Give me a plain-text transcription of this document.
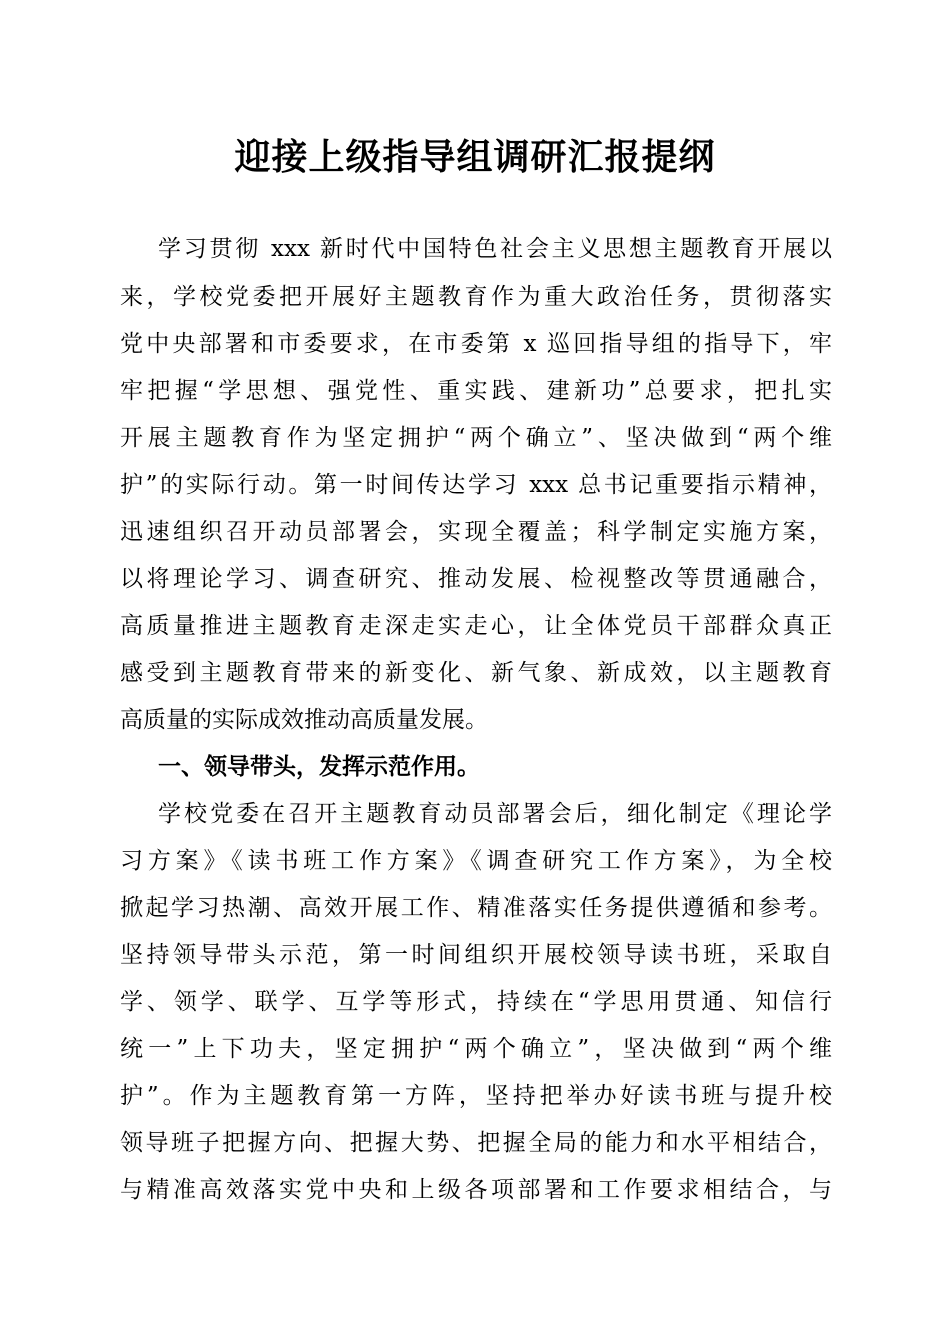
迎接上级指导组调研汇报提纲

学习贯彻 xxx 新时代中国特色社会主义思想主题教育开展以

来，学校党委把开展好主题教育作为重大政治任务，贯彻落实

党中央部署和市委要求，在市委第 x 巡回指导组的指导下，牢

牢把握“学思想、强党性、重实践、建新功”总要求，把扎实

开展主题教育作为坚定拥护“两个确立”、坚决做到“两个维

护”的实际行动。第一时间传达学习 xxx 总书记重要指示精神，

迅速组织召开动员部署会，实现全覆盖；科学制定实施方案，

以将理论学习、调查研究、推动发展、检视整改等贯通融合，

高质量推进主题教育走深走实走心，让全体党员干部群众真正

感受到主题教育带来的新变化、新气象、新成效，以主题教育

高质量的实际成效推动高质量发展。

一、领导带头，发挥示范作用。

学校党委在召开主题教育动员部署会后，细化制定《理论学

习方案》《读书班工作方案》《调查研究工作方案》，为全校

掀起学习热潮、高效开展工作、精准落实任务提供遵循和参考。

坚持领导带头示范，第一时间组织开展校领导读书班，采取自

学、领学、联学、互学等形式，持续在“学思用贯通、知信行

统一”上下功夫，坚定拥护“两个确立”，坚决做到“两个维

护”。作为主题教育第一方阵，坚持把举办好读书班与提升校

领导班子把握方向、把握大势、把握全局的能力和水平相结合，

与精准高效落实党中央和上级各项部署和工作要求相结合，与
